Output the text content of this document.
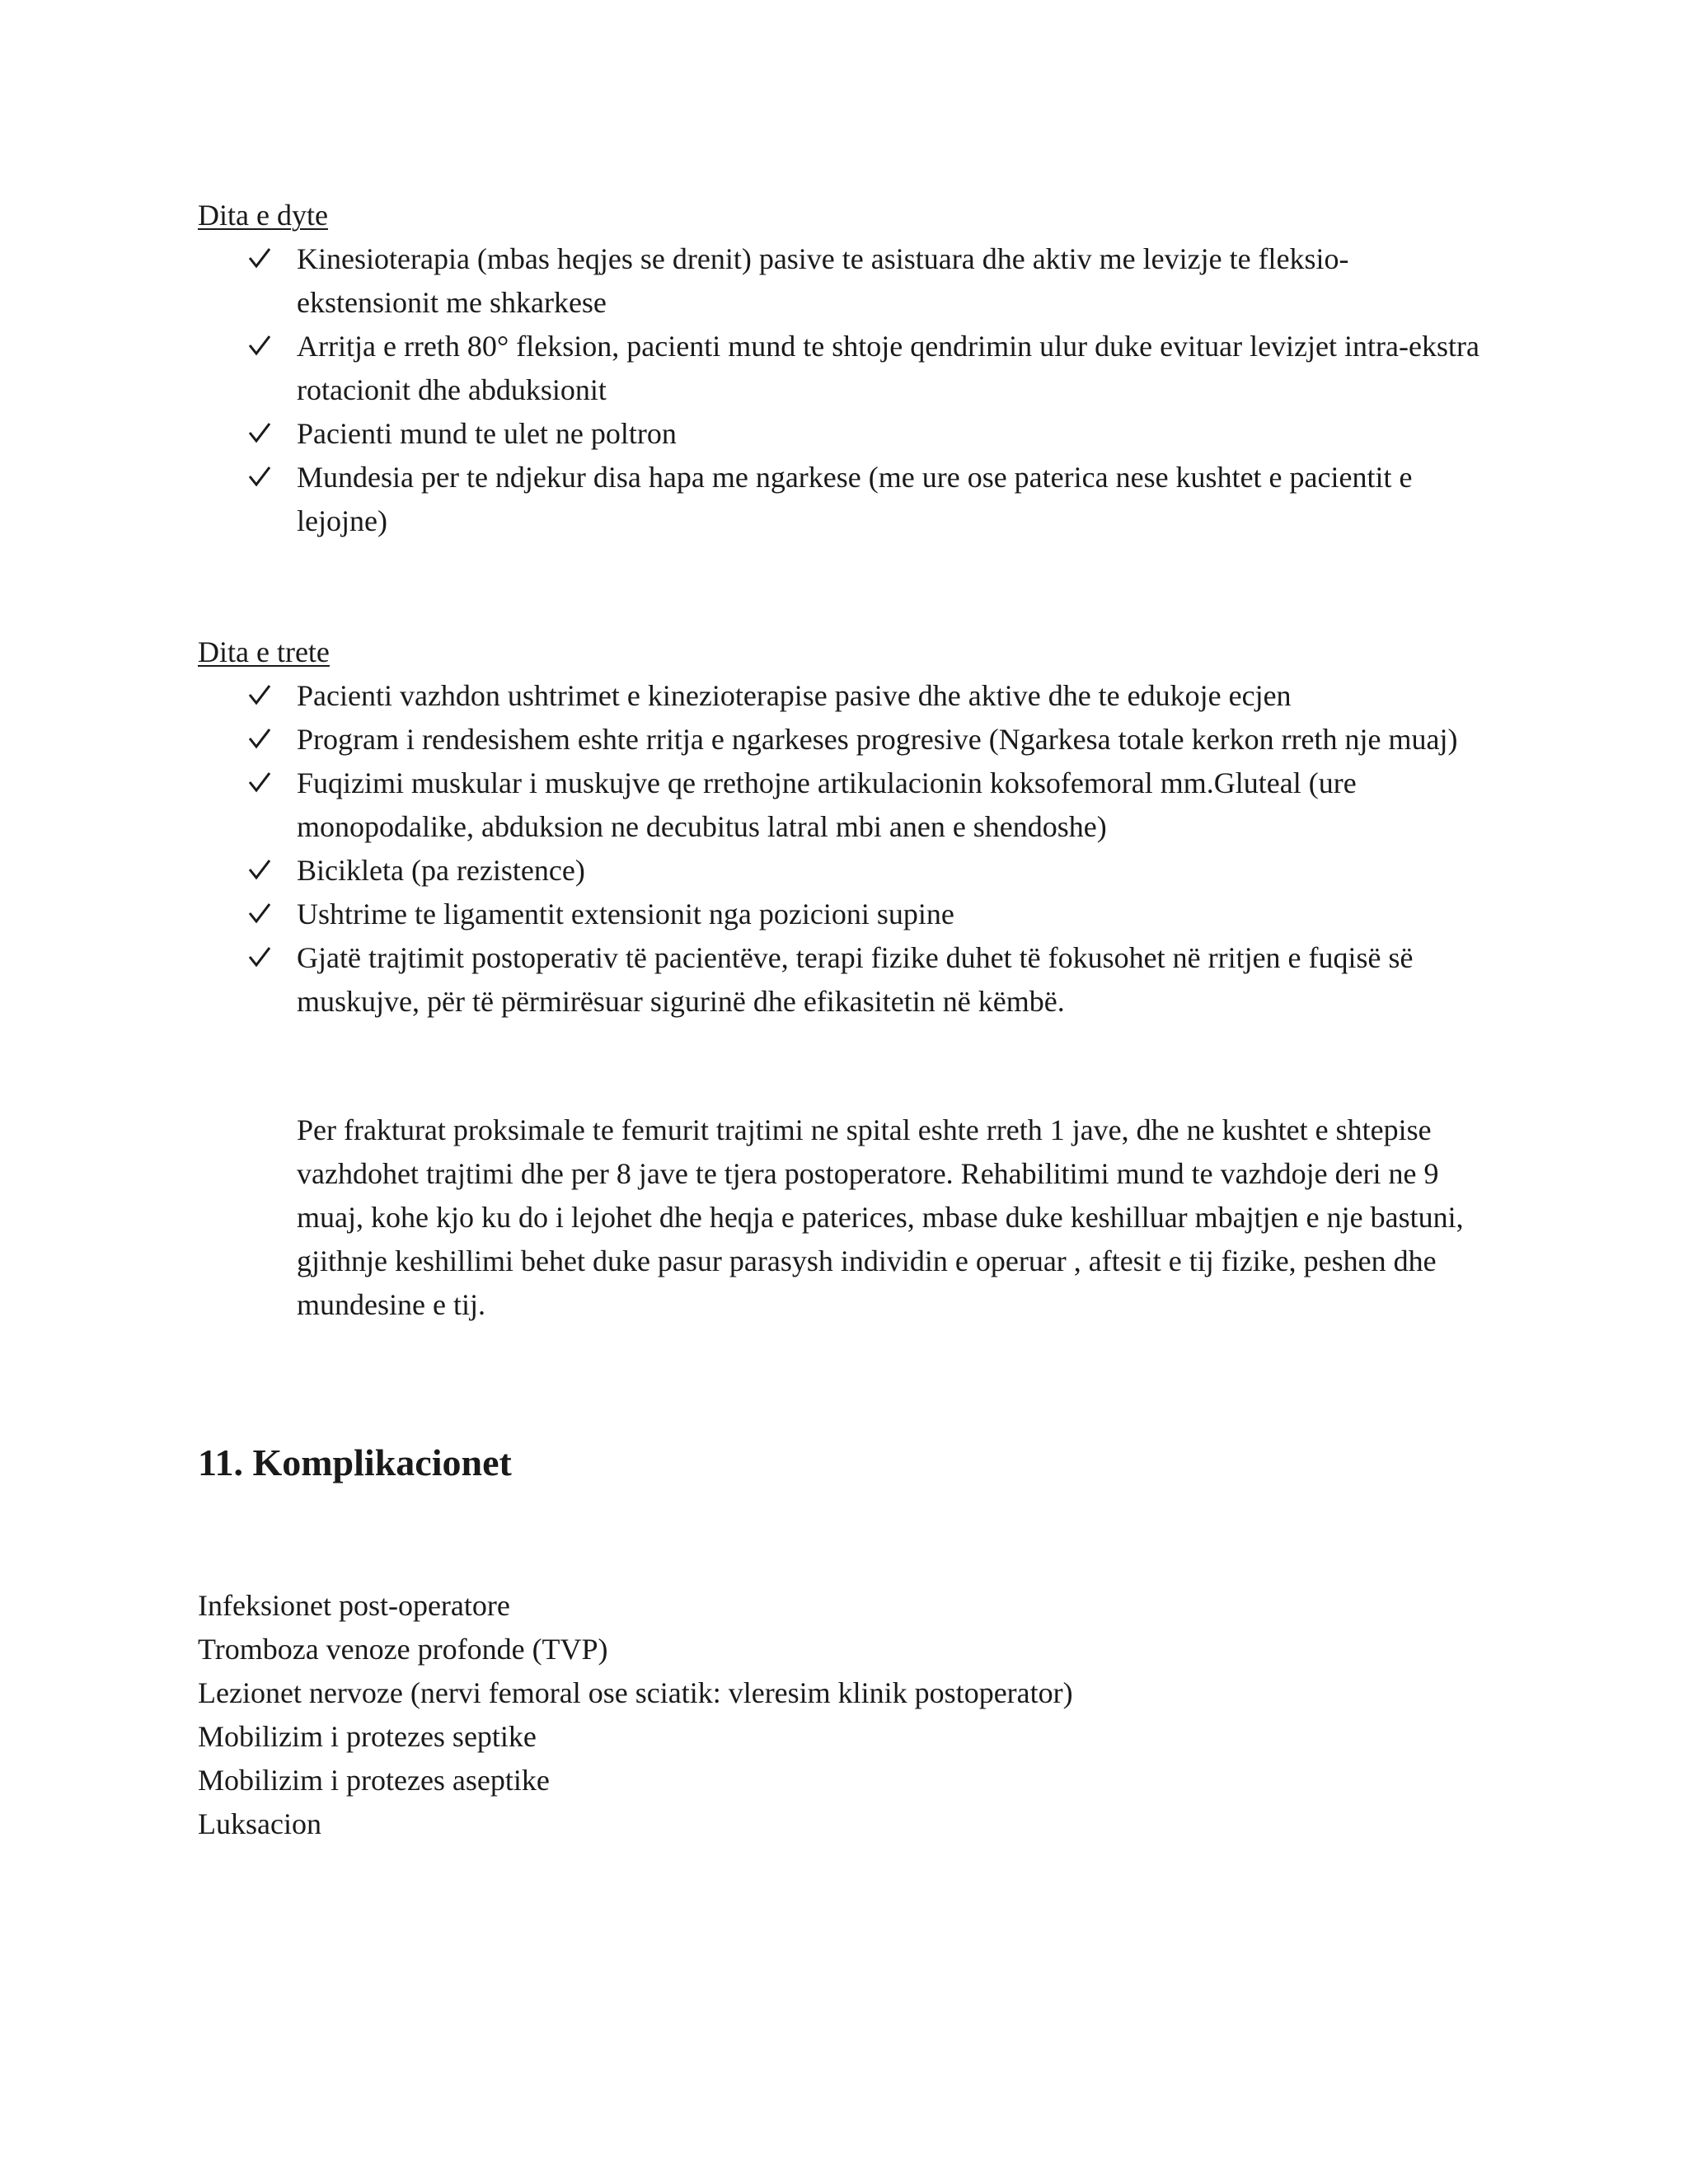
Dita e dyte

Kinesioterapia (mbas heqjes se drenit) pasive te asistuara dhe aktiv me levizje te fleksio-ekstensionit me shkarkese
Arritja e rreth 80° fleksion, pacienti mund te shtoje qendrimin ulur duke evituar levizjet intra-ekstra rotacionit dhe abduksionit
Pacienti mund te ulet ne poltron
Mundesia per te ndjekur disa hapa me ngarkese (me ure ose paterica nese kushtet e pacientit e lejojne)

Dita e trete

Pacienti vazhdon ushtrimet e kinezioterapise pasive dhe aktive dhe te edukoje ecjen
Program i rendesishem eshte rritja e ngarkeses progresive (Ngarkesa totale kerkon rreth nje muaj)
Fuqizimi muskular i muskujve qe rrethojne artikulacionin koksofemoral mm.Gluteal (ure monopodalike, abduksion ne decubitus latral mbi anen e shendoshe)
Bicikleta (pa rezistence)
Ushtrime te ligamentit extensionit nga pozicioni supine
Gjatë trajtimit postoperativ të pacientëve, terapi fizike duhet të fokusohet në rritjen e fuqisë së muskujve, për të përmirësuar sigurinë dhe efikasitetin në këmbë.

Per frakturat proksimale te femurit trajtimi ne spital eshte rreth 1 jave, dhe ne kushtet e shtepise vazhdohet trajtimi dhe per 8 jave te tjera postoperatore. Rehabilitimi mund te vazhdoje deri ne 9 muaj, kohe kjo ku do i lejohet dhe heqja e paterices, mbase duke keshilluar mbajtjen e nje bastuni, gjithnje keshillimi behet duke pasur parasysh individin e operuar , aftesit e tij fizike, peshen dhe mundesine e tij.

11. Komplikacionet
Infeksionet post-operatore
Tromboza venoze profonde (TVP)
Lezionet nervoze (nervi femoral ose sciatik: vleresim klinik postoperator)
Mobilizim i protezes septike
Mobilizim i protezes aseptike
Luksacion
